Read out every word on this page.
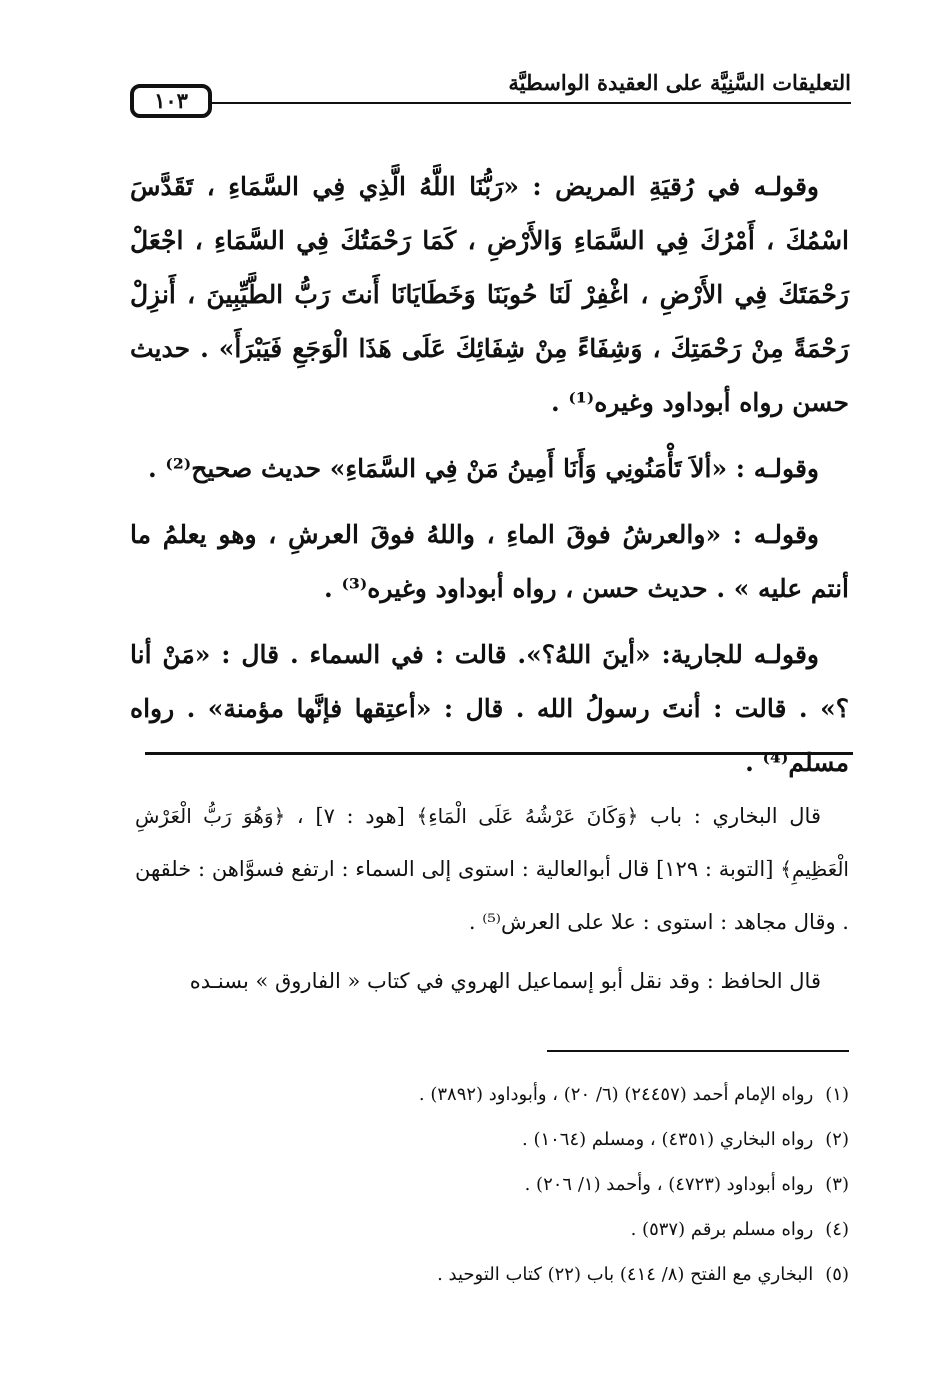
التعليقات السَّنِيَّة على العقيدة الواسطيَّة
١٠٣

وقولـه في رُقيَةِ المريض : «رَبُّنَا اللَّهُ الَّذِي فِي السَّمَاءِ ، تَقَدَّسَ اسْمُكَ ، أَمْرُكَ فِي السَّمَاءِ وَالأَرْضِ ، كَمَا رَحْمَتُكَ فِي السَّمَاءِ ، اجْعَلْ رَحْمَتَكَ فِي الأَرْضِ ، اغْفِرْ لَنَا حُوبَنَا وَخَطَايَانَا أَنتَ رَبُّ الطَّيِّبِينَ ، أَنزِلْ رَحْمَةً مِنْ رَحْمَتِكَ ، وَشِفَاءً مِنْ شِفَائِكَ عَلَى هَذَا الْوَجَعِ فَيَبْرَأَ» . حديث حسن رواه أبوداود وغيره⁽¹⁾ .

وقولـه : «ألاَ تَأْمَنُونِي وَأَنَا أَمِينُ مَنْ فِي السَّمَاءِ» حديث صحيح⁽²⁾ .

وقولـه : «والعرشُ فوقَ الماءِ ، واللهُ فوقَ العرشِ ، وهو يعلمُ ما أنتم عليه » . حديث حسن ، رواه أبوداود وغيره⁽³⁾ .

وقولـه للجارية: «أينَ اللهُ؟». قالت : في السماء . قال : «مَنْ أنا ؟» . قالت : أنتَ رسولُ الله . قال : «أعتِقها فإنَّها مؤمنة» . رواه مسلم⁽⁴⁾ .

قال البخاري : باب ﴿وَكَانَ عَرْشُهُ عَلَى الْمَاءِ﴾ [هود : ٧] ، ﴿وَهُوَ رَبُّ الْعَرْشِ الْعَظِيمِ﴾ [التوبة : ١٢٩] قال أبوالعالية : استوى إلى السماء : ارتفع فسوَّاهن : خلقهن . وقال مجاهد : استوى : علا على العرش⁽⁵⁾ .

قال الحافظ : وقد نقل أبو إسماعيل الهروي في كتاب « الفاروق » بسنـده

(١)رواه الإمام أحمد (٢٤٤٥٧) (٦/ ٢٠) ، وأبوداود (٣٨٩٢) .
(٢)رواه البخاري (٤٣٥١) ، ومسلم (١٠٦٤) .
(٣)رواه أبوداود (٤٧٢٣) ، وأحمد (١/ ٢٠٦) .
(٤)رواه مسلم برقم (٥٣٧) .
(٥)البخاري مع الفتح (٨/ ٤١٤) باب (٢٢) كتاب التوحيد .
